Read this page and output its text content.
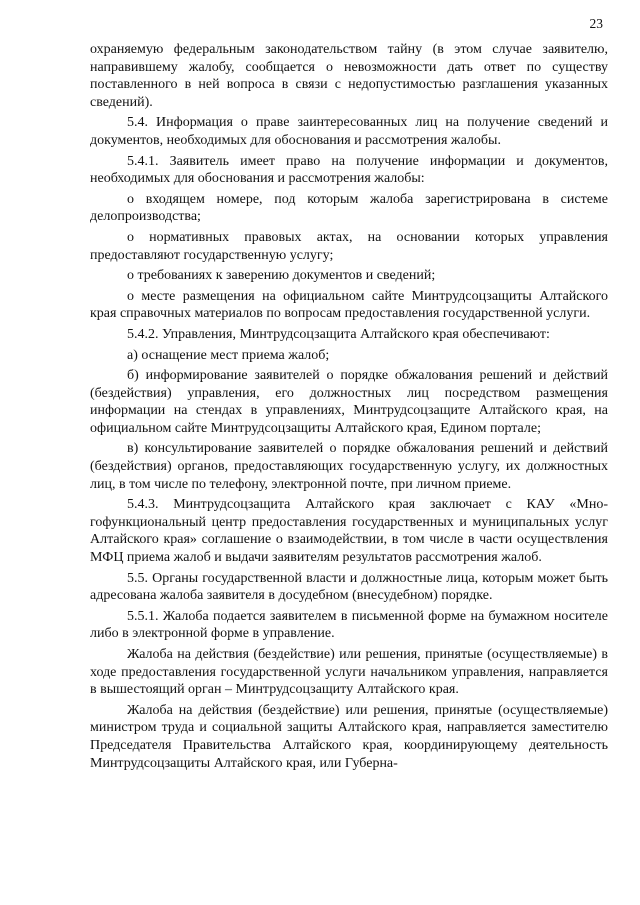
23

охраняемую федеральным законодательством тайну (в этом случае заявителю, направившему жалобу, сообщается о невозможности дать ответ по существу поставленного в ней вопроса в связи с недопустимостью разглашения указанных сведений).

5.4. Информация о праве заинтересованных лиц на получение сведений и документов, необходимых для обоснования и рассмотрения жалобы.

5.4.1. Заявитель имеет право на получение информации и документов, необходимых для обоснования и рассмотрения жалобы:

о входящем номере, под которым жалоба зарегистрирована в системе делопроизводства;

о нормативных правовых актах, на основании которых управления предоставляют государственную услугу;

о требованиях к заверению документов и сведений;

о месте размещения на официальном сайте Минтрудсоцзащиты Алтайского края справочных материалов по вопросам предоставления государственной услуги.

5.4.2. Управления, Минтрудсоцзащита Алтайского края обеспечивают:

а) оснащение мест приема жалоб;

б) информирование заявителей о порядке обжалования решений и действий (бездействия) управления, его должностных лиц посредством размещения информации на стендах в управлениях, Минтрудсоцзащите Алтайского края, на официальном сайте Минтрудсоцзащиты Алтайского края, Едином портале;

в) консультирование заявителей о порядке обжалования решений и действий (бездействия) органов, предоставляющих государственную услугу, их должностных лиц, в том числе по телефону, электронной почте, при личном приеме.

5.4.3. Минтрудсоцзащита Алтайского края заключает с КАУ «Многофункциональный центр предоставления государственных и муниципальных услуг Алтайского края» соглашение о взаимодействии, в том числе в части осуществления МФЦ приема жалоб и выдачи заявителям результатов рассмотрения жалоб.

5.5. Органы государственной власти и должностные лица, которым может быть адресована жалоба заявителя в досудебном (внесудебном) порядке.

5.5.1. Жалоба подается заявителем в письменной форме на бумажном носителе либо в электронной форме в управление.

Жалоба на действия (бездействие) или решения, принятые (осуществляемые) в ходе предоставления государственной услуги начальником управления, направляется в вышестоящий орган – Минтрудсоцзащиту Алтайского края.

Жалоба на действия (бездействие) или решения, принятые (осуществляемые) министром труда и социальной защиты Алтайского края, направляется заместителю Председателя Правительства Алтайского края, координирующему деятельность Минтрудсоцзащиты Алтайского края, или Губерна-
